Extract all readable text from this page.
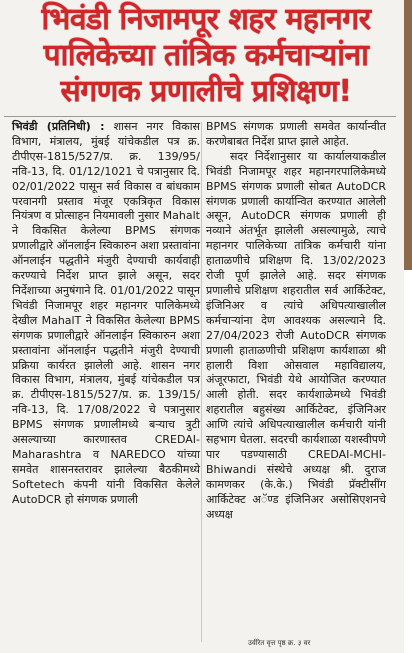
भिवंडी निजामपूर शहर महानगर
पालिकेच्या तांत्रिक कर्मचाऱ्यांना
संगणक प्रणालीचे प्रशिक्षण!
भिवंडी (प्रतिनिधी) : शासन नगर विकास विभाग, मंत्रालय, मुंबई यांचेकडील पत्र क्र. टीपीएस-1815/527/प्र. क्र. 139/95/नवि-13, दि. 01/12/1021 चे पत्रानुसार दि. 02/01/2022 पासून सर्व विकास व बांधकाम परवानगी प्रस्ताव मंजूर एकत्रिकृत विकास नियंत्रण व प्रोत्साहन नियमावली नुसार Mahalt ने विकसित केलेल्या BPMS संगणक प्रणालीद्वारे ऑनलाईन स्विकारुन अशा प्रस्तावांना ऑनलाईन पद्धतीने मंजुरी देण्याची कार्यवाही करण्याचे निर्देश प्राप्त झाले असून, सदर निर्देशाच्या अनुषंगाने दि. 01/01/2022 पासून भिवंडी निजामपूर शहर महानगर पालिकेमध्ये देखील MahalT ने विकसित केलेल्या BPMS संगणक प्रणालीद्वारे ऑनलाईन स्विकारुन अशा प्रस्तावांना ऑनलाईन पद्धतीने मंजुरी देण्याची प्रक्रिया कार्यरत झालेली आहे. शासन नगर विकास विभाग, मंत्रालय, मुंबई यांचेकडील पत्र क्र. टीपीएस-1815/527/प्र. क्र. 139/15/नवि-13, दि. 17/08/2022 चे पत्रानुसार BPMS संगणक प्रणालीमध्ये बऱ्याच त्रुटी असल्याच्या कारणास्तव CREDAI-Maharashtra व NAREDCO यांच्या समवेत शासनस्तरावर झालेल्या बैठकीमध्ये Softetech कंपनी यांनी विकसित केलेले AutoDCR हो संगणक प्रणाली
BPMS संगणक प्रणाली समवेत कार्यान्वीत करणेबाबत निर्देश प्राप्त झाले आहेत.
सदर निर्देशानुसार या कार्यालयाकडील भिवंडी निजामपूर शहर महानगरपालिकेमध्ये BPMS संगणक प्रणाली सोबत AutoDCR संगणक प्रणाली कार्यान्वित करण्यात आलेली असून, AutoDCR संगणक प्रणाली ही नव्याने अंतर्भूत झालेली असल्यामुळे, त्याचे महानगर पालिकेच्या तांत्रिक कर्मचारी यांना हाताळणीचे प्रशिक्षण दि. 13/02/2023 रोजी पूर्ण झालेले आहे. सदर संगणक प्रणालीचे प्रशिक्षण शहरातील सर्व आर्किटेक्ट, इंजिनिअर व त्यांचे अधिपत्याखालील कर्मचाऱ्यांना देण आवश्यक असल्याने दि. 27/04/2023 रोजी AutoDCR संगणक प्रणाली हाताळणीची प्रशिक्षण कार्यशाळा श्री हालारी विशा ओसवाल महाविद्यालय, अंजूरफाटा, भिवंडी येथे आयोजित करण्यात आली होती. सदर कार्यशाळेमध्ये भिवंडी शहरातील बहुसंख्य आर्किटेक्ट, इंजिनिअर आणि त्यांचे अधिपत्याखालील कर्मचारी यांनी सहभाग घेतला. सदरची कार्यशाळा यशस्वीपणे पार पडण्यासाठी CREDAI-MCHI-Bhiwandi संस्थेचे अध्यक्ष श्री. दुराज कामणकर (के.के.) भिवंडी प्रॅक्टीसींग आर्किटेक्ट अॅण्ड इंजिनिअर असोसिएशनचे अध्यक्ष
उर्वरित वृत्त पृष्ठ क्र. ३ वर
